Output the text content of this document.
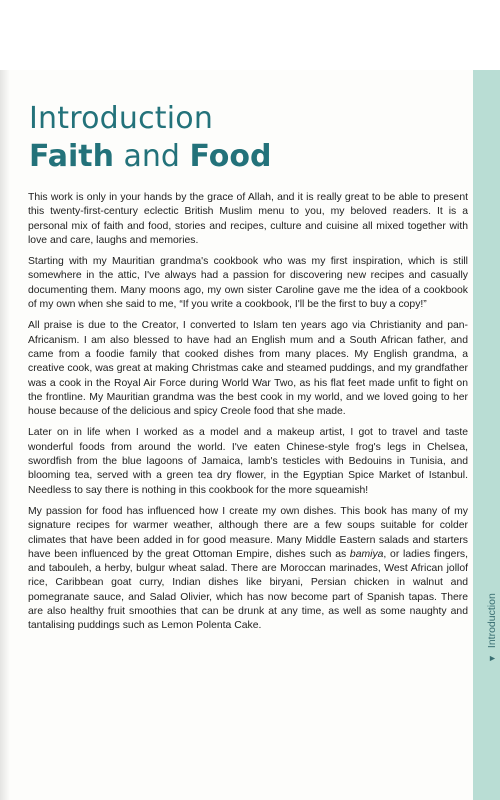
▼
Introduction
Introduction
Faith and Food

This work is only in your hands by the grace of Allah, and it is really great to be able to present this twenty-first-century eclectic British Muslim menu to you, my beloved readers. It is a personal mix of faith and food, stories and recipes, culture and cuisine all mixed together with love and care, laughs and memories.

Starting with my Mauritian grandma's cookbook who was my first inspiration, which is still somewhere in the attic, I've always had a passion for discovering new recipes and casually documenting them. Many moons ago, my own sister Caroline gave me the idea of a cookbook of my own when she said to me, “If you write a cookbook, I'll be the first to buy a copy!”

All praise is due to the Creator, I converted to Islam ten years ago via Christianity and pan-Africanism. I am also blessed to have had an English mum and a South African father, and came from a foodie family that cooked dishes from many places. My English grandma, a creative cook, was great at making Christmas cake and steamed puddings, and my grandfather was a cook in the Royal Air Force during World War Two, as his flat feet made unfit to fight on the frontline. My Mauritian grandma was the best cook in my world, and we loved going to her house because of the delicious and spicy Creole food that she made.

Later on in life when I worked as a model and a makeup artist, I got to travel and taste wonderful foods from around the world. I've eaten Chinese-style frog's legs in Chelsea, swordfish from the blue lagoons of Jamaica, lamb's testicles with Bedouins in Tunisia, and blooming tea, served with a green tea dry flower, in the Egyptian Spice Market of Istanbul. Needless to say there is nothing in this cookbook for the more squeamish!

My passion for food has influenced how I create my own dishes. This book has many of my signature recipes for warmer weather, although there are a few soups suitable for colder climates that have been added in for good measure. Many Middle Eastern salads and starters have been influenced by the great Ottoman Empire, dishes such as bamiya, or ladies fingers, and tabouleh, a herby, bulgur wheat salad. There are Moroccan marinades, West African jollof rice, Caribbean goat curry, Indian dishes like biryani, Persian chicken in walnut and pomegranate sauce, and Salad Olivier, which has now become part of Spanish tapas. There are also healthy fruit smoothies that can be drunk at any time, as well as some naughty and tantalising puddings such as Lemon Polenta Cake.
